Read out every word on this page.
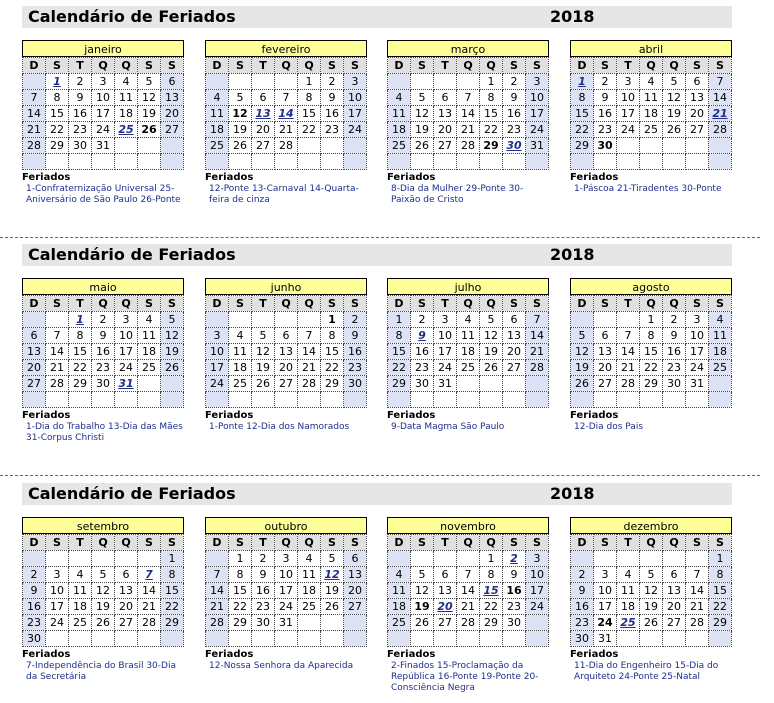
Calendário de Feriados	2018
janeiro
D	S	T	Q	Q	S	S
	1	2	3	4	5	6
7	8	9	10	11	12	13
14	15	16	17	18	19	20
21	22	23	24	25	26	27
28	29	30	31			

Feriados
1-Confraternização Universal 25-Aniversário de São Paulo 26-Ponte
fevereiro
D	S	T	Q	Q	S	S
				1	2	3
4	5	6	7	8	9	10
11	12	13	14	15	16	17
18	19	20	21	22	23	24
25	26	27	28			

Feriados
12-Ponte 13-Carnaval 14-Quarta-feira de cinza
março
D	S	T	Q	Q	S	S
				1	2	3
4	5	6	7	8	9	10
11	12	13	14	15	16	17
18	19	20	21	22	23	24
25	26	27	28	29	30	31

Feriados
8-Dia da Mulher 29-Ponte 30-Paixão de Cristo
abril
D	S	T	Q	Q	S	S
1	2	3	4	5	6	7
8	9	10	11	12	13	14
15	16	17	18	19	20	21
22	23	24	25	26	27	28
29	30					

Feriados
1-Páscoa 21-Tiradentes 30-Ponte
Calendário de Feriados	2018
maio
D	S	T	Q	Q	S	S
		1	2	3	4	5
6	7	8	9	10	11	12
13	14	15	16	17	18	19
20	21	22	23	24	25	26
27	28	29	30	31		

Feriados
1-Dia do Trabalho 13-Dia das Mães 31-Corpus Christi
junho
D	S	T	Q	Q	S	S
					1	2
3	4	5	6	7	8	9
10	11	12	13	14	15	16
17	18	19	20	21	22	23
24	25	26	27	28	29	30

Feriados
1-Ponte 12-Dia dos Namorados
julho
D	S	T	Q	Q	S	S
1	2	3	4	5	6	7
8	9	10	11	12	13	14
15	16	17	18	19	20	21
22	23	24	25	26	27	28
29	30	31				

Feriados
9-Data Magma São Paulo
agosto
D	S	T	Q	Q	S	S
			1	2	3	4
5	6	7	8	9	10	11
12	13	14	15	16	17	18
19	20	21	22	23	24	25
26	27	28	29	30	31	

Feriados
12-Dia dos Pais
Calendário de Feriados	2018
setembro
D	S	T	Q	Q	S	S
						1
2	3	4	5	6	7	8
9	10	11	12	13	14	15
16	17	18	19	20	21	22
23	24	25	26	27	28	29
30						
Feriados
7-Independência do Brasil 30-Dia da Secretária
outubro
D	S	T	Q	Q	S	S
	1	2	3	4	5	6
7	8	9	10	11	12	13
14	15	16	17	18	19	20
21	22	23	24	25	26	27
28	29	30	31			

Feriados
12-Nossa Senhora da Aparecida
novembro
D	S	T	Q	Q	S	S
				1	2	3
4	5	6	7	8	9	10
11	12	13	14	15	16	17
18	19	20	21	22	23	24
25	26	27	28	29	30	

Feriados
2-Finados 15-Proclamação da República 16-Ponte 19-Ponte 20-Consciência Negra
dezembro
D	S	T	Q	Q	S	S
						1
2	3	4	5	6	7	8
9	10	11	12	13	14	15
16	17	18	19	20	21	22
23	24	25	26	27	28	29
30	31					
Feriados
11-Dia do Engenheiro 15-Dia do Arquiteto 24-Ponte 25-Natal
